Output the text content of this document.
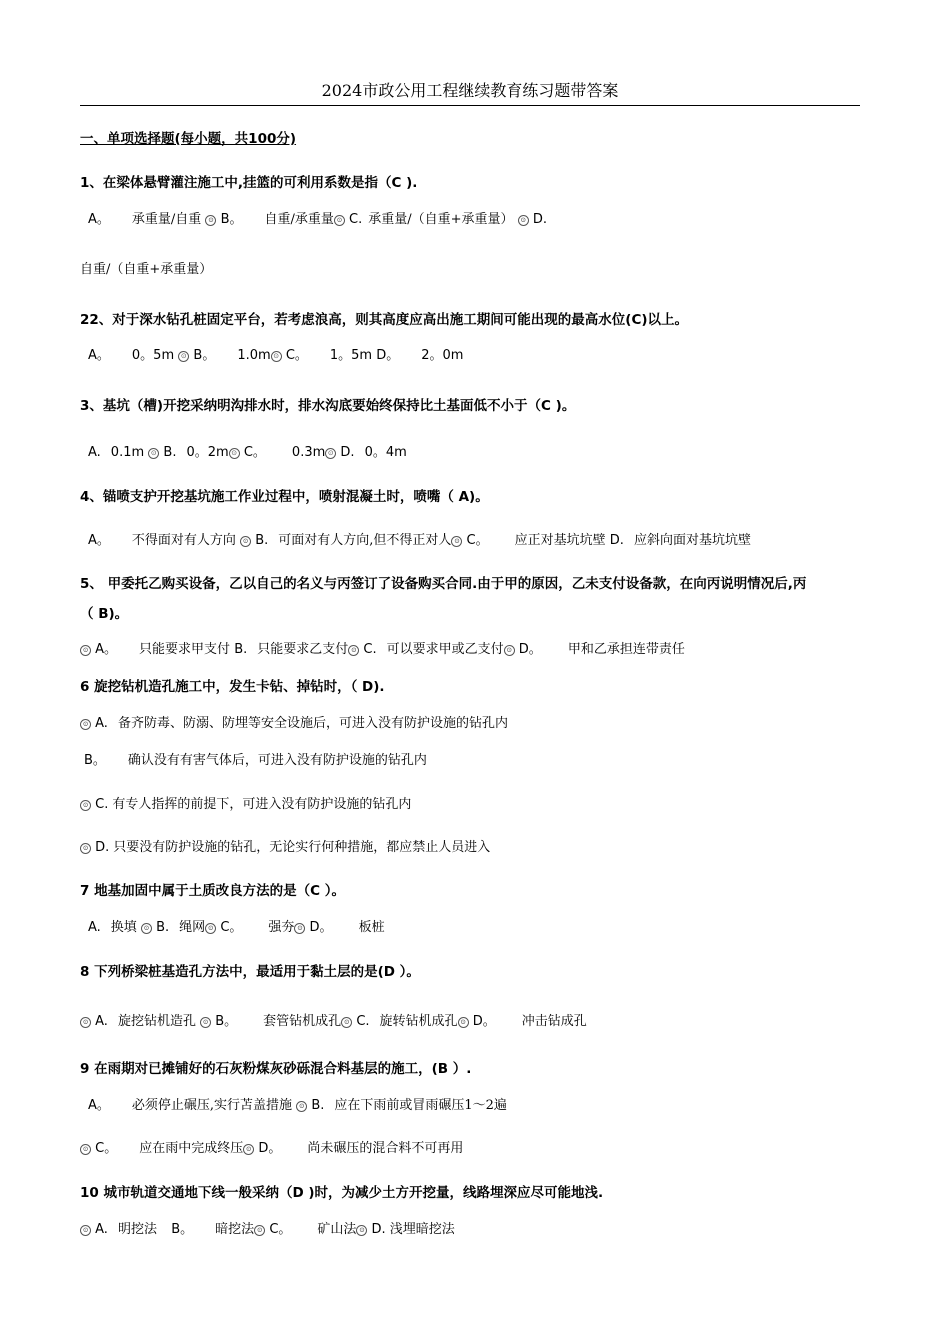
2024市政公用工程继续教育练习题带答案
一、单项选择题(每小题，共100分)
1、在梁体悬臂灌注施工中,挂篮的可利用系数是指（C ).
A。 承重量/自重 ⊙ B。 自重/承重量 ⊙ C. 承重量/（自重+承重量） ⊙ D.
自重/（自重+承重量）
22、对于深水钻孔桩固定平台，若考虑浪高，则其高度应高出施工期间可能出现的最高水位(C)以上。
A。 0。5m ⊙ B。 1.0m ⊙ C。 1。5m D。 2。0m
3、基坑（槽)开挖采纳明沟排水时，排水沟底要始终保持比土基面低不小于（C )。
A. 0.1m ⊙ B. 0。2m ⊙ C。 0.3m ⊙ D. 0。4m
4、锚喷支护开挖基坑施工作业过程中，喷射混凝土时，喷嘴（ A)。
A。 不得面对有人方向 ⊙ B. 可面对有人方向,但不得正对人 ⊙ C。 应正对基坑坑壁 D. 应斜向面对基坑坑壁
5、 甲委托乙购买设备，乙以自己的名义与丙签订了设备购买合同.由于甲的原因，乙未支付设备款，在向丙说明情况后,丙
（ B)。
⊙ A。 只能要求甲支付 B. 只能要求乙支付 ⊙ C. 可以要求甲或乙支付 ⊙ D。 甲和乙承担连带责任
6 旋挖钻机造孔施工中，发生卡钻、掉钻时，（ D).
⊙ A. 备齐防毒、防溺、防埋等安全设施后，可进入没有防护设施的钻孔内
B。 确认没有有害气体后，可进入没有防护设施的钻孔内
⊙ C. 有专人指挥的前提下，可进入没有防护设施的钻孔内
⊙ D. 只要没有防护设施的钻孔，无论实行何种措施，都应禁止人员进入
7 地基加固中属于土质改良方法的是（C ）。
A. 换填 ⊙ B. 绳网 ⊙ C。 强夯 ⊙ D。 板桩
8 下列桥梁桩基造孔方法中，最适用于黏土层的是(D ）。
⊙ A. 旋挖钻机造孔 ⊙ B。 套管钻机成孔 ⊙ C. 旋转钻机成孔 ⊙ D。 冲击钻成孔
9 在雨期对已摊铺好的石灰粉煤灰砂砾混合料基层的施工，(B ）.
A。 必须停止碾压,实行苫盖措施 ⊙ B. 应在下雨前或冒雨碾压1～2遍
⊙ C。 应在雨中完成终压 ⊙ D。 尚未碾压的混合料不可再用
10 城市轨道交通地下线一般采纳（D )时，为减少土方开挖量，线路埋深应尽可能地浅.
⊙ A. 明挖法 B。 暗挖法 ⊙ C。 矿山法 ⊙ D. 浅埋暗挖法
